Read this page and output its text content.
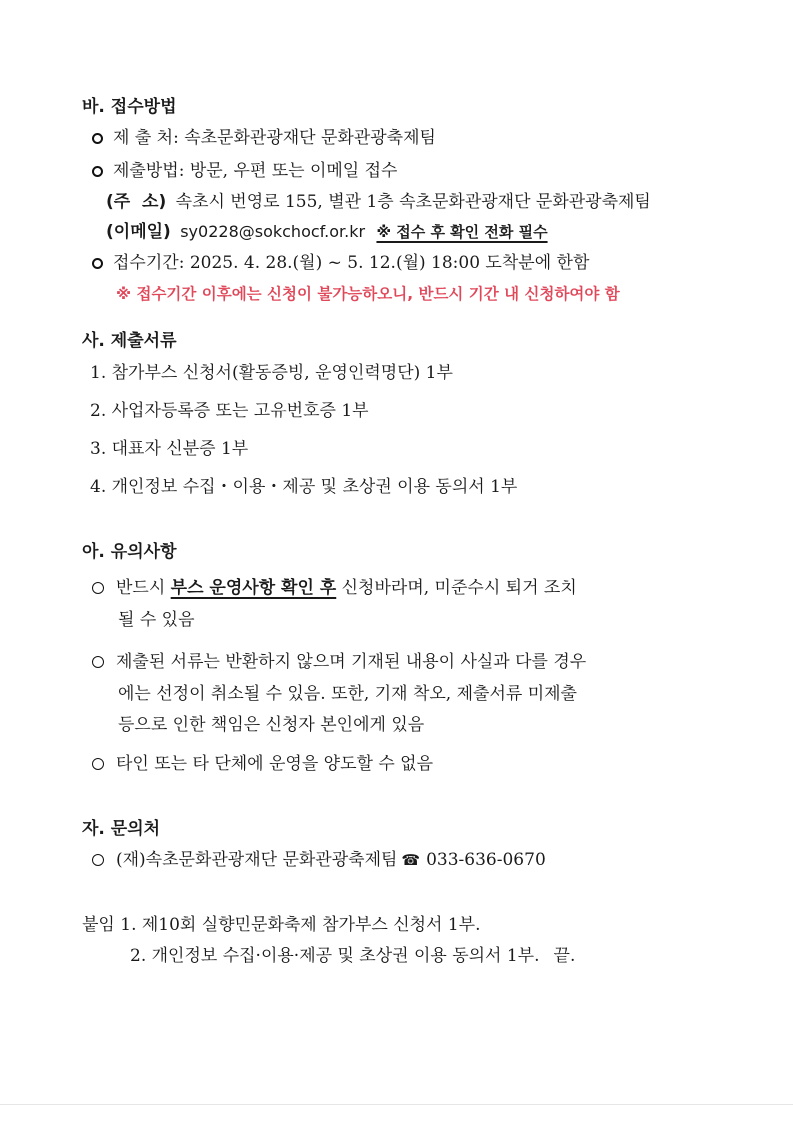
바. 접수방법
제 출 처: 속초문화관광재단 문화관광축제팀
제출방법: 방문, 우편 또는 이메일 접수
(주  소) 속초시 번영로 155, 별관 1층 속초문화관광재단 문화관광축제팀
(이메일) sy0228@sokchocf.or.kr ※ 접수 후 확인 전화 필수
접수기간: 2025. 4. 28.(월) ~ 5. 12.(월) 18:00 도착분에 한함
※ 접수기간 이후에는 신청이 불가능하오니, 반드시 기간 내 신청하여야 함
사. 제출서류
1. 참가부스 신청서(활동증빙, 운영인력명단) 1부
2. 사업자등록증 또는 고유번호증 1부
3. 대표자 신분증 1부
4. 개인정보 수집・이용・제공 및 초상권 이용 동의서 1부
아. 유의사항
반드시 부스 운영사항 확인 후 신청바라며, 미준수시 퇴거 조치
될 수 있음
제출된 서류는 반환하지 않으며 기재된 내용이 사실과 다를 경우
에는 선정이 취소될 수 있음. 또한, 기재 착오, 제출서류 미제출
등으로 인한 책임은 신청자 본인에게 있음
타인 또는 타 단체에 운영을 양도할 수 없음
자. 문의처
(재)속초문화관광재단 문화관광축제팀 ☎ 033-636-0670
붙임 1. 제10회 실향민문화축제 참가부스 신청서 1부.
2. 개인정보 수집·이용·제공 및 초상권 이용 동의서 1부. 끝.
